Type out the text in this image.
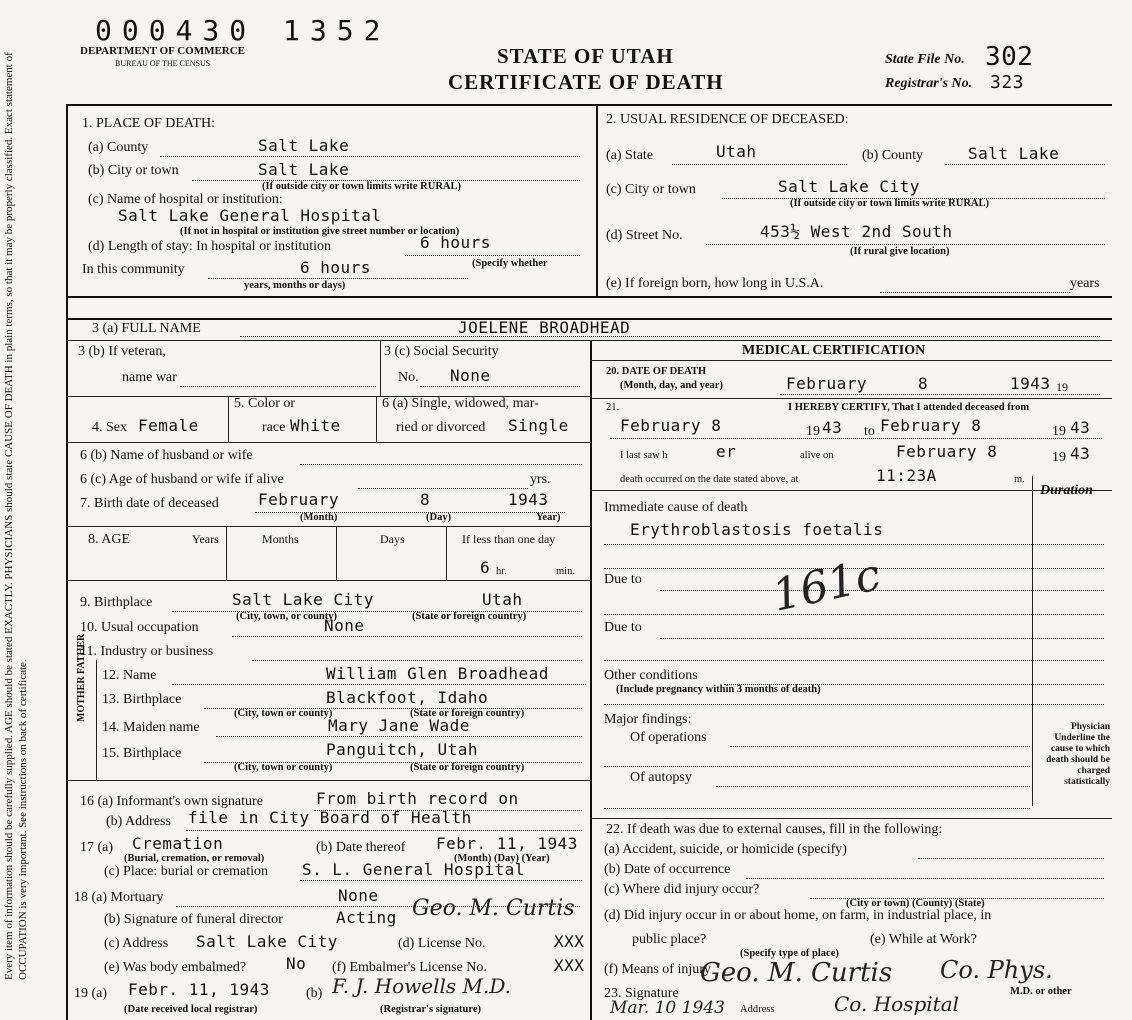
000430 1352
Every item of information should be carefully supplied. AGE should be stated EXACTLY. PHYSICIANS should state CAUSE OF DEATH in plain terms, so that it may be properly classified. Exact statement of OCCUPATION is very important. See instructions on back of certificate.
DEPARTMENT OF COMMERCE
BUREAU OF THE CENSUS	STATE OF UTAH
CERTIFICATE OF DEATH
State File No. 302
Registrar's No. 323
1. PLACE OF DEATH:
(a) County	Salt Lake
(b) City or town	Salt Lake
(If outside city or town limits write RURAL)
(c) Name of hospital or institution:
Salt Lake General Hospital
(If not in hospital or institution give street number or location)
(d) Length of stay: In hospital or institution	6 hours
In this community	6 hours	(Specify whether
years, months or days)
2. USUAL RESIDENCE OF DECEASED:
(a) State	Utah	(b) County	Salt Lake
(c) City or town	Salt Lake City
(If outside city or town limits write RURAL)
(d) Street No.	453½ West 2nd South
(If rural give location)
(e) If foreign born, how long in U.S.A.	years
3 (a) FULL NAME	JOELENE BROADHEAD
3 (b) If veteran,
name war
3 (c) Social Security
No. None
4. Sex Female
5. Color or
race White
6 (a) Single, widowed, mar-
ried or divorced Single
6 (b) Name of husband or wife
6 (c) Age of husband or wife if alive	yrs.
7. Birth date of deceased February	8	1943
(Month)	(Day)	Year)
8. AGE	Years	Months	Days	If less than one day
6 hr.	min.
9. Birthplace	Salt Lake City	Utah
(City, town, or county)	(State or foreign country)
10. Usual occupation	None
11. Industry or business
MOTHER FATHER 12. Name	William Glen Broadhead
13. Birthplace	Blackfoot, Idaho
(City, town or county)	(State or foreign country)
14. Maiden name	Mary Jane Wade
15. Birthplace	Panguitch, Utah
(City, town or county)	(State or foreign country)
16 (a) Informant's own signature	From birth record on
(b) Address file in City Board of Health
17 (a) Cremation
(Burial, cremation, or removal)
(b) Date thereof Febr. 11, 1943
(Month) (Day) (Year)
(c) Place: burial or cremation S. L. General Hospital
18 (a) Mortuary	None
(b) Signature of funeral director	Acting Geo. M. Curtis
(c) Address Salt Lake City	(d) License No.	XXX
(e) Was body embalmed? No (f) Embalmer's License No.	XXX
19 (a) Febr. 11, 1943
(Date received local registrar)
(b) F. J. Howells M.D.
(Registrar's signature)
MEDICAL CERTIFICATION
20. DATE OF DEATH
(Month, day, and year)	February	8	1943 19
21.	I HEREBY CERTIFY, That I attended deceased from
February 8	19 43 to February 8	19 43
I last saw h	er	alive on	February 8	19 43
death occurred on the date stated above, at	11:23A	m.
Duration
Immediate cause of death
Erythroblastosis foetalis
161c
Due to
Due to
Other conditions
(Include pregnancy within 3 months of death)
Major findings:
Of operations
Of autopsy
Physician Underline the cause to which death should be charged statistically
22. If death was due to external causes, fill in the following:
(a) Accident, suicide, or homicide (specify)
(b) Date of occurrence
(c) Where did injury occur?
(City or town) (County) (State)
(d) Did injury occur in or about home, on farm, in industrial place, in
public place?
(Specify type of place)
(e) While at Work?
(f) Means of injury
23. Signature
Geo. M. Curtis Co. Phys.
M.D. or other
Mar. 10 1943 Address	Co. Hospital
